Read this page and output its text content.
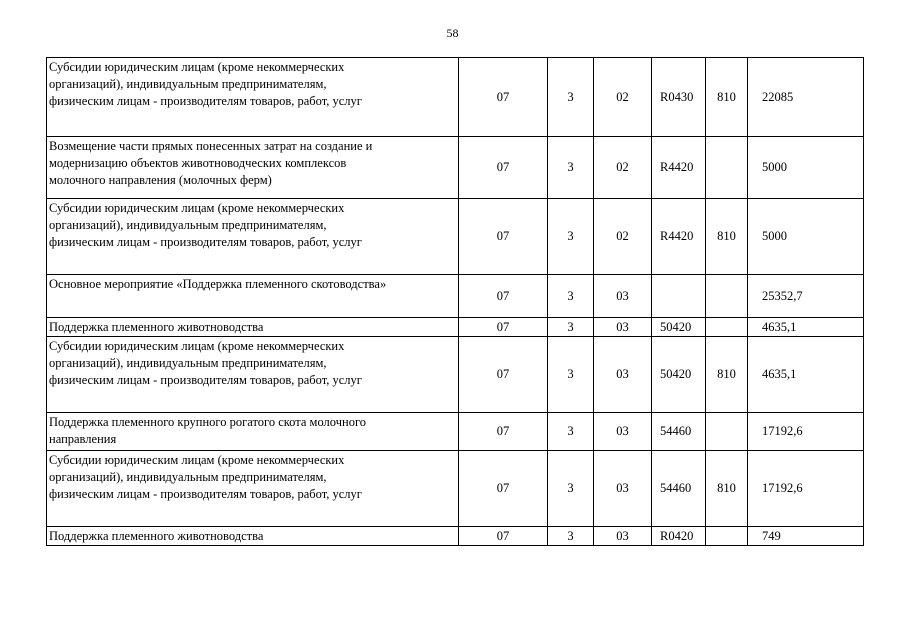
58
Субсидии юридическим лицам (кроме некоммерческих
организаций), индивидуальным предпринимателям,
физическим лицам - производителям товаров, работ, услуг	07	3	02	R0430	810	22085

Возмещение части прямых понесенных затрат на создание и
модернизацию объектов животноводческих комплексов
молочного направления (молочных ферм)	07	3	02	R4420		5000

Субсидии юридическим лицам (кроме некоммерческих
организаций), индивидуальным предпринимателям,
физическим лицам - производителям товаров, работ, услуг	07	3	02	R4420	810	5000

Основное мероприятие «Поддержка племенного скотоводства»	07	3	03			25352,7

Поддержка племенного животноводства	07	3	03	50420		4635,1

Субсидии юридическим лицам (кроме некоммерческих
организаций), индивидуальным предпринимателям,
физическим лицам - производителям товаров, работ, услуг	07	3	03	50420	810	4635,1

Поддержка племенного крупного рогатого скота молочного
направления	07	3	03	54460		17192,6

Субсидии юридическим лицам (кроме некоммерческих
организаций), индивидуальным предпринимателям,
физическим лицам - производителям товаров, работ, услуг	07	3	03	54460	810	17192,6

Поддержка племенного животноводства	07	3	03	R0420		749
